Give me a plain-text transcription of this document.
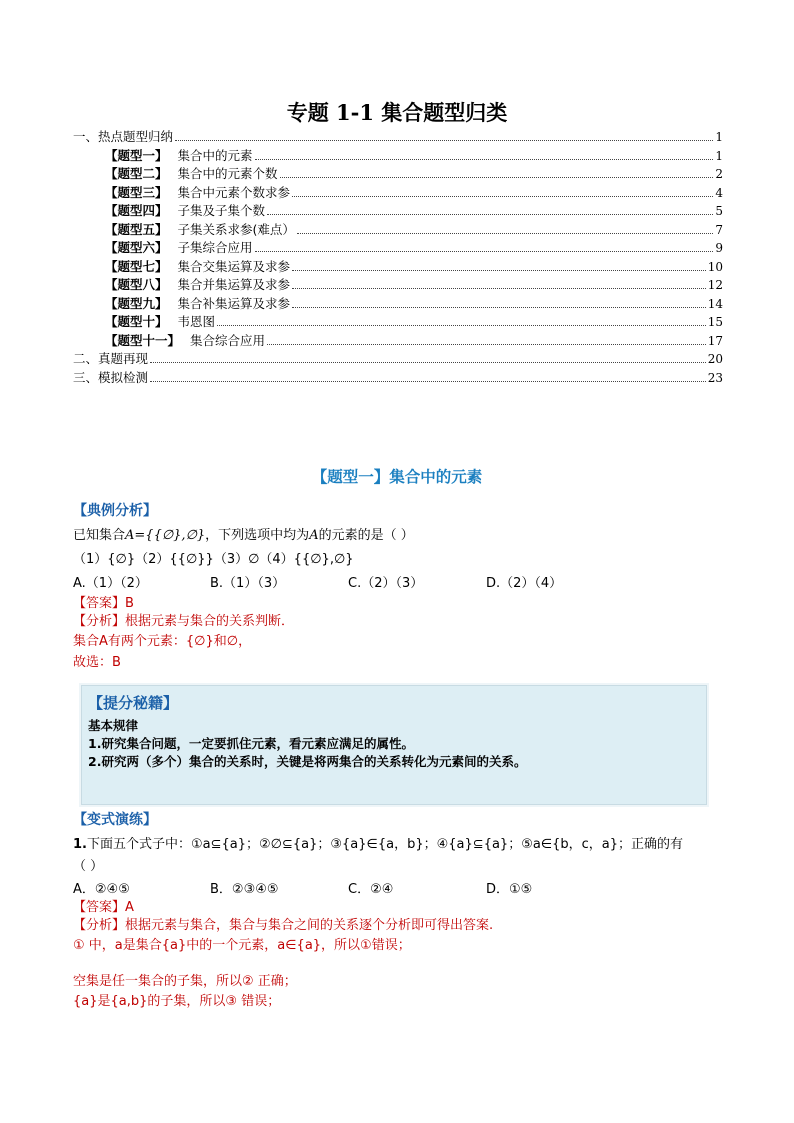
专题 1-1 集合题型归类
一、热点题型归纳	1
【题型一】 集合中的元素	1
【题型二】 集合中的元素个数	2
【题型三】 集合中元素个数求参	4
【题型四】 子集及子集个数	5
【题型五】 子集关系求参(难点）	7
【题型六】 子集综合应用	9
【题型七】 集合交集运算及求参	10
【题型八】 集合并集运算及求参	12
【题型九】 集合补集运算及求参	14
【题型十】 韦恩图	15
【题型十一】 集合综合应用	17
二、真题再现	20
三、模拟检测	23
【题型一】集合中的元素
【典例分析】
已知集合A={{∅},∅}，下列选项中均为A的元素的是（ ）
（1）{∅}（2）{{∅}}（3）∅（4）{{∅},∅}
A.（1）（2）	B.（1）（3）	C.（2）（3）	D.（2）（4）
【答案】B
【分析】根据元素与集合的关系判断．
集合A有两个元素：{∅}和∅，
故选：B
【提分秘籍】
基本规律
1.研究集合问题，一定要抓住元素，看元素应满足的属性。
2.研究两（多个）集合的关系时，关键是将两集合的关系转化为元素间的关系。
【变式演练】
1.下面五个式子中：①a⊆{a}；②∅⊆{a}；③{a}∈{a，b}；④{a}⊆{a}；⑤a∈{b，c，a}；正确的有
（ ）
A．②④⑤	B．②③④⑤	C．②④	D．①⑤
【答案】A
【分析】根据元素与集合，集合与集合之间的关系逐个分析即可得出答案.
① 中，a是集合{a}中的一个元素，a∈{a}，所以①错误；
空集是任一集合的子集，所以② 正确；
{a}是{a,b}的子集，所以③ 错误；
